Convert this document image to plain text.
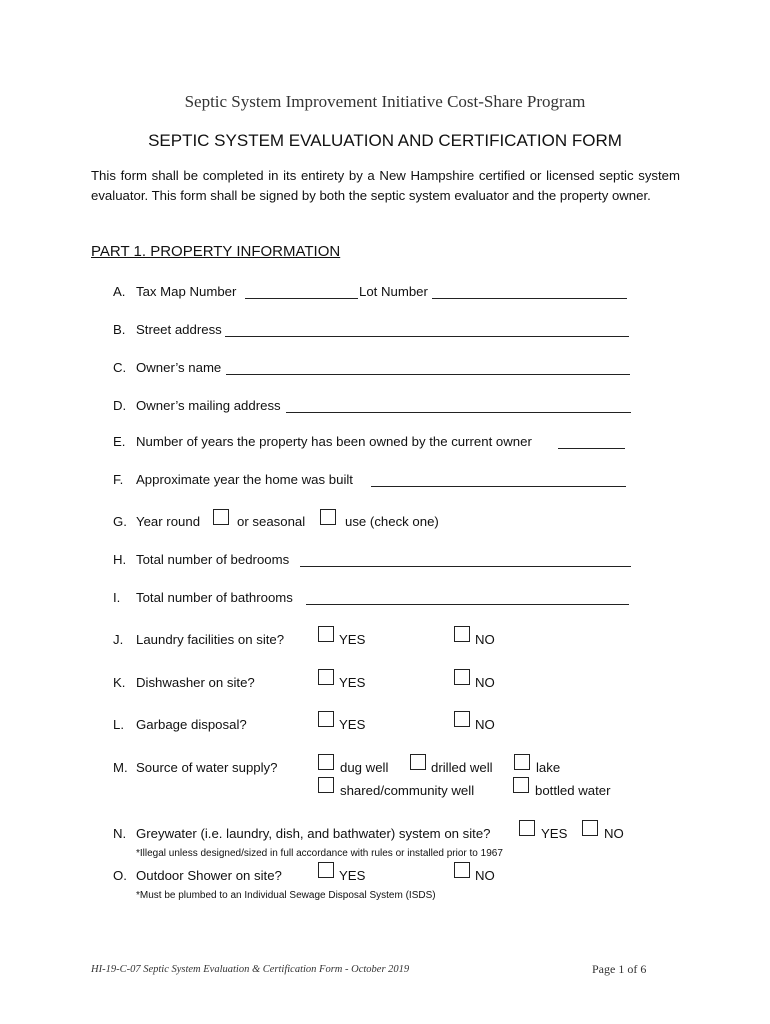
Septic System Improvement Initiative Cost-Share Program
SEPTIC SYSTEM EVALUATION AND CERTIFICATION FORM
This form shall be completed in its entirety by a New Hampshire certified or licensed septic system evaluator. This form shall be signed by both the septic system evaluator and the property owner.
PART 1. PROPERTY INFORMATION
A. Tax Map Number	Lot Number
B. Street address
C. Owner’s name
D. Owner’s mailing address
E. Number of years the property has been owned by the current owner
F. Approximate year the home was built
G. Year round	or seasonal	use (check one)
H. Total number of bedrooms
I. Total number of bathrooms
J. Laundry facilities on site?	YES	NO
K. Dishwasher on site?	YES	NO
L. Garbage disposal?	YES	NO
M. Source of water supply?	dug well	drilled well	lake
shared/community well	bottled water
N. Greywater (i.e. laundry, dish, and bathwater) system on site?	YES	NO
*Illegal unless designed/sized in full accordance with rules or installed prior to 1967
O. Outdoor Shower on site?	YES	NO
*Must be plumbed to an Individual Sewage Disposal System (ISDS)
HI-19-C-07 Septic System Evaluation & Certification Form - October 2019	Page 1 of 6
